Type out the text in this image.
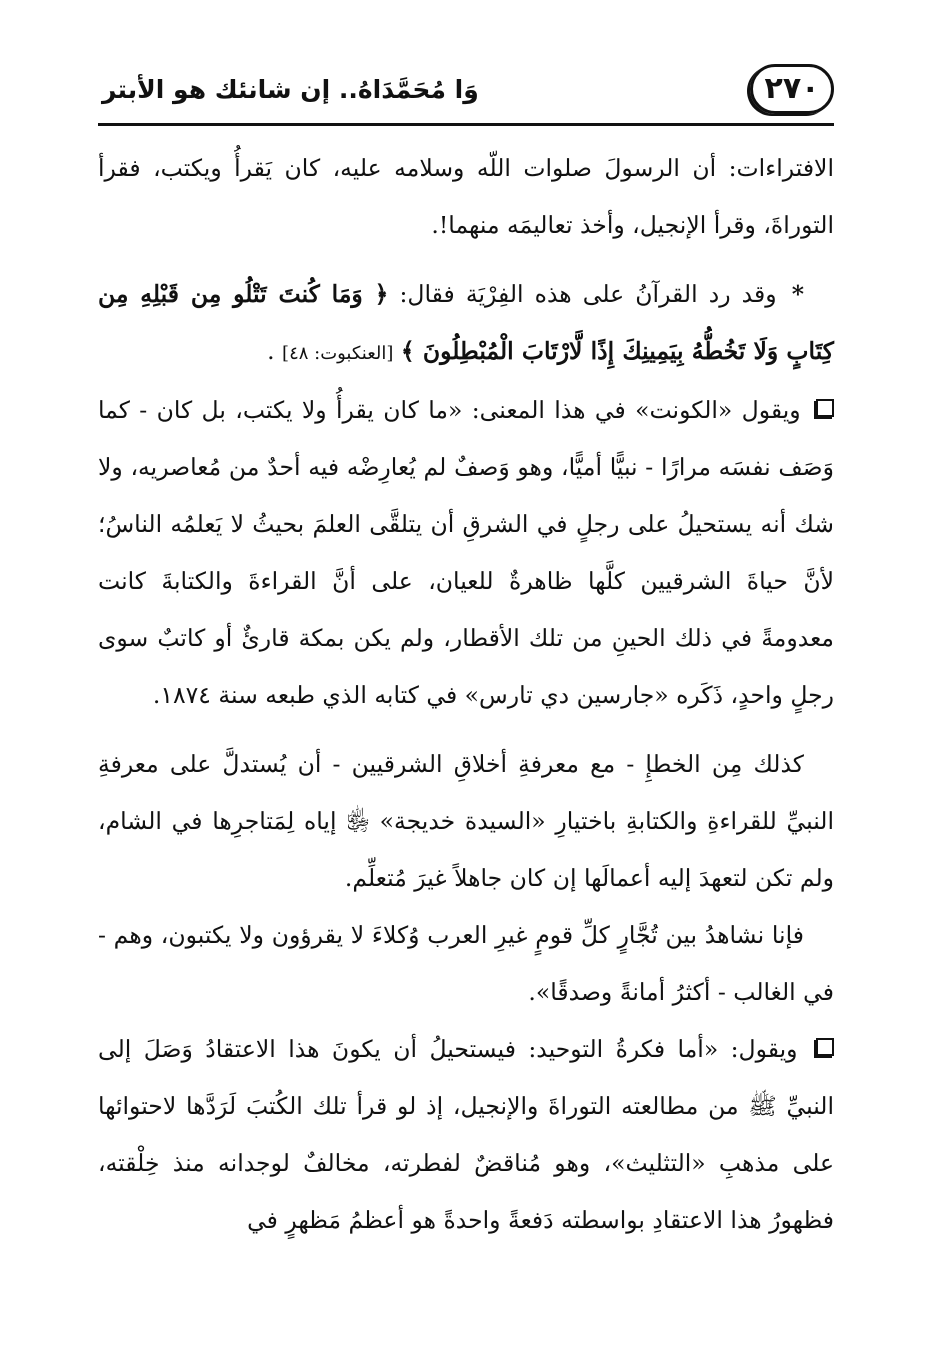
٢٧٠
وَا مُحَمَّدَاهُ.. إن شانئك هو الأبتر

الافتراءات: أن الرسولَ صلوات اللّه وسلامه عليه، كان يَقرأُ ويكتب، فقرأ التوراةَ، وقرأ الإنجيل، وأخذ تعاليمَه منهما!.

* وقد رد القرآنُ على هذه الفِرْيَة فقال: ﴿ وَمَا كُنتَ تَتْلُو مِن قَبْلِهِ مِن كِتَابٍ وَلَا تَخُطُّهُ بِيَمِينِكَ إِذًا لَّارْتَابَ الْمُبْطِلُونَ ﴾ [العنكبوت: ٤٨] .

ويقول «الكونت» في هذا المعنى: «ما كان يقرأُ ولا يكتب، بل كان - كما وَصَف نفسَه مرارًا - نبيًّا أميًّا، وهو وَصفٌ لم يُعارِضْه فيه أحدٌ من مُعاصريه، ولا شك أنه يستحيلُ على رجلٍ في الشرقِ أن يتلقَّى العلمَ بحيثُ لا يَعلمُه الناسُ؛ لأنَّ حياةَ الشرقيين كلَّها ظاهرةٌ للعيان، على أنَّ القراءةَ والكتابةَ كانت معدومةً في ذلك الحينِ من تلك الأقطار، ولم يكن بمكة قارئٌ أو كاتبٌ سوى رجلٍ واحدٍ، ذَكَره «جارسين دي تارس» في كتابه الذي طبعه سنة ١٨٧٤.

كذلك مِن الخطإِ - مع معرفةِ أخلاقِ الشرقيين - أن يُستدلَّ على معرفةِ النبيِّ للقراءةِ والكتابةِ باختيارِ «السيدة خديجة» ﵂ إياه لِمَتاجرِها في الشام، ولم تكن لتعهدَ إليه أعمالَها إن كان جاهلاً غيرَ مُتعلِّم.

فإنا نشاهدُ بين تُجَّارٍ كلِّ قومٍ غيرِ العرب وُكلاءَ لا يقرؤون ولا يكتبون، وهم - في الغالب - أكثرُ أمانةً وصدقًا».

ويقول: «أما فكرةُ التوحيد: فيستحيلُ أن يكونَ هذا الاعتقادُ وَصَلَ إلى النبيِّ ﷺ من مطالعته التوراةَ والإنجيل، إذ لو قرأ تلك الكُتبَ لَرَدَّها لاحتوائها على مذهبِ «التثليث»، وهو مُناقضٌ لفطرته، مخالفٌ لوجدانه منذ خِلْقته، فظهورُ هذا الاعتقادِ بواسطته دَفعةً واحدةً هو أعظمُ مَظهرٍ في
